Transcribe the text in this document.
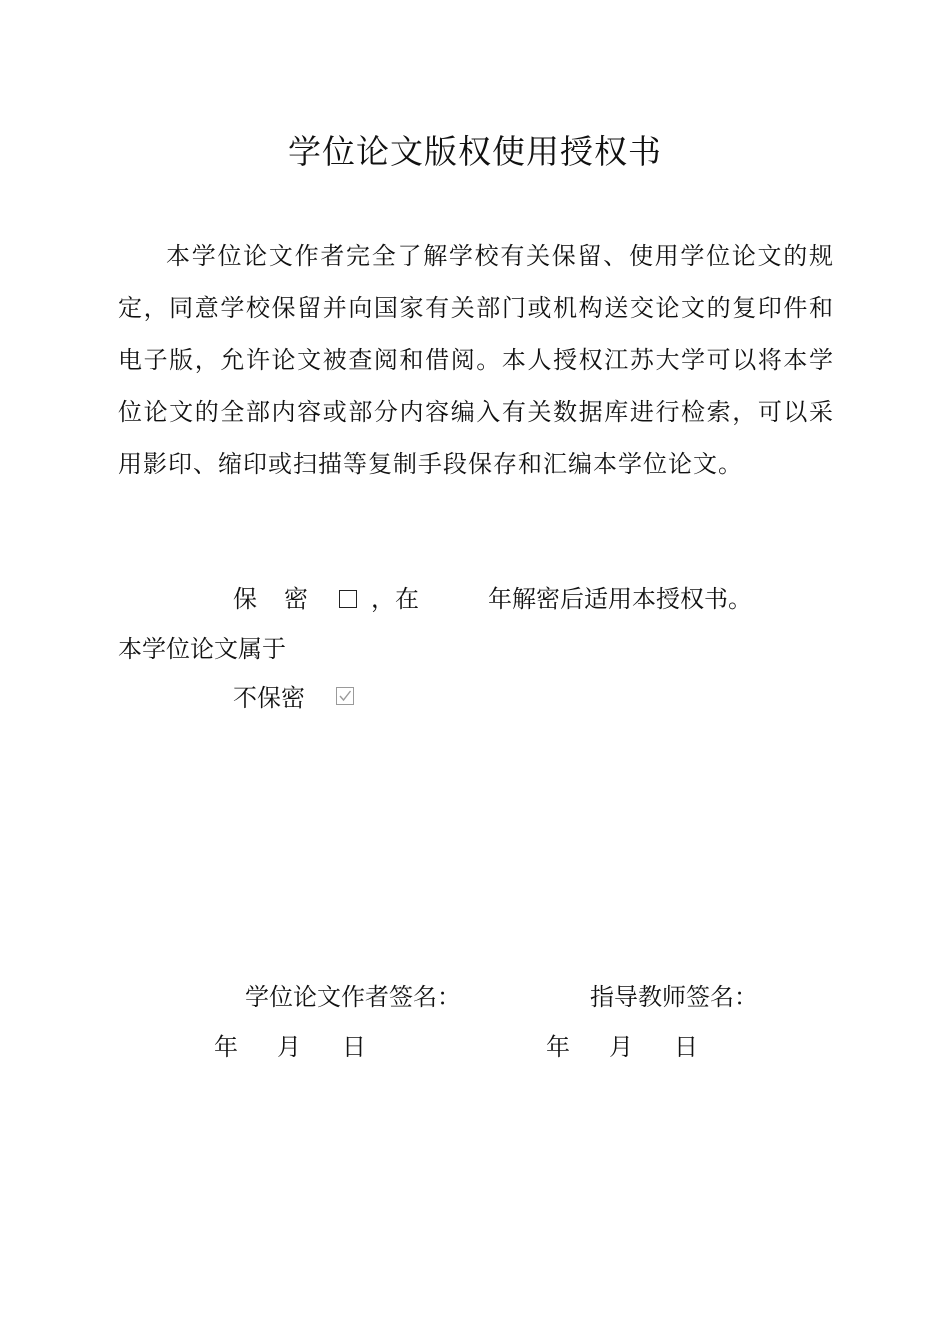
学位论文版权使用授权书
本学位论文作者完全了解学校有关保留、使用学位论文的规定，同意学校保留并向国家有关部门或机构送交论文的复印件和电子版，允许论文被查阅和借阅。本人授权江苏大学可以将本学位论文的全部内容或部分内容编入有关数据库进行检索，可以采用影印、缩印或扫描等复制手段保存和汇编本学位论文。
保 密	，在	年解密后适用本授权书。
本学位论文属于
不保密
学位论文作者签名：	指导教师签名：
年 月 日	年 月 日
